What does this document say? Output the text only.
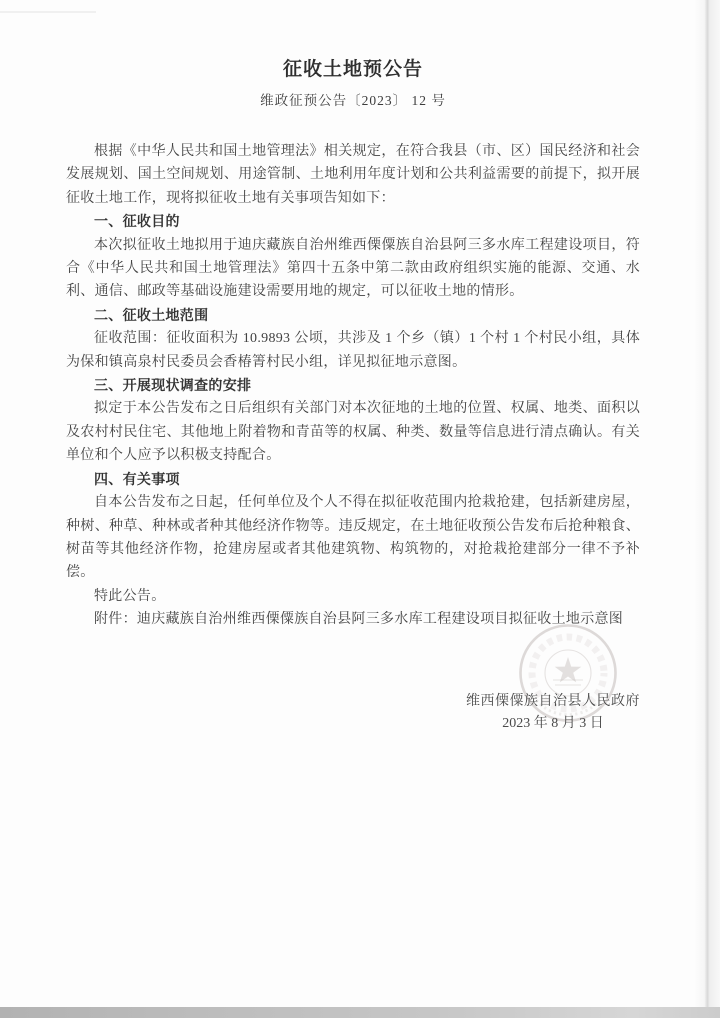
征收土地预公告
维政征预公告〔2023〕 12 号

根据《中华人民共和国土地管理法》相关规定，在符合我县（市、区）国民经济和社会发展规划、国土空间规划、用途管制、土地利用年度计划和公共利益需要的前提下，拟开展征收土地工作，现将拟征收土地有关事项告知如下：

一、征收目的

本次拟征收土地拟用于迪庆藏族自治州维西傈僳族自治县阿三多水库工程建设项目，符合《中华人民共和国土地管理法》第四十五条中第二款由政府组织实施的能源、交通、水利、通信、邮政等基础设施建设需要用地的规定，可以征收土地的情形。

二、征收土地范围

征收范围：征收面积为 10.9893 公顷，共涉及 1 个乡（镇）1 个村 1 个村民小组，具体为保和镇高泉村民委员会香椿箐村民小组，详见拟征地示意图。

三、开展现状调查的安排

拟定于本公告发布之日后组织有关部门对本次征地的土地的位置、权属、地类、面积以及农村村民住宅、其他地上附着物和青苗等的权属、种类、数量等信息进行清点确认。有关单位和个人应予以积极支持配合。

四、有关事项

自本公告发布之日起，任何单位及个人不得在拟征收范围内抢栽抢建，包括新建房屋，种树、种草、种林或者种其他经济作物等。违反规定，在土地征收预公告发布后抢种粮食、树苗等其他经济作物，抢建房屋或者其他建筑物、构筑物的，对抢栽抢建部分一律不予补偿。

特此公告。

附件：迪庆藏族自治州维西傈僳族自治县阿三多水库工程建设项目拟征收土地示意图

维西傈僳族自治县人民政府
2023 年 8 月 3 日
